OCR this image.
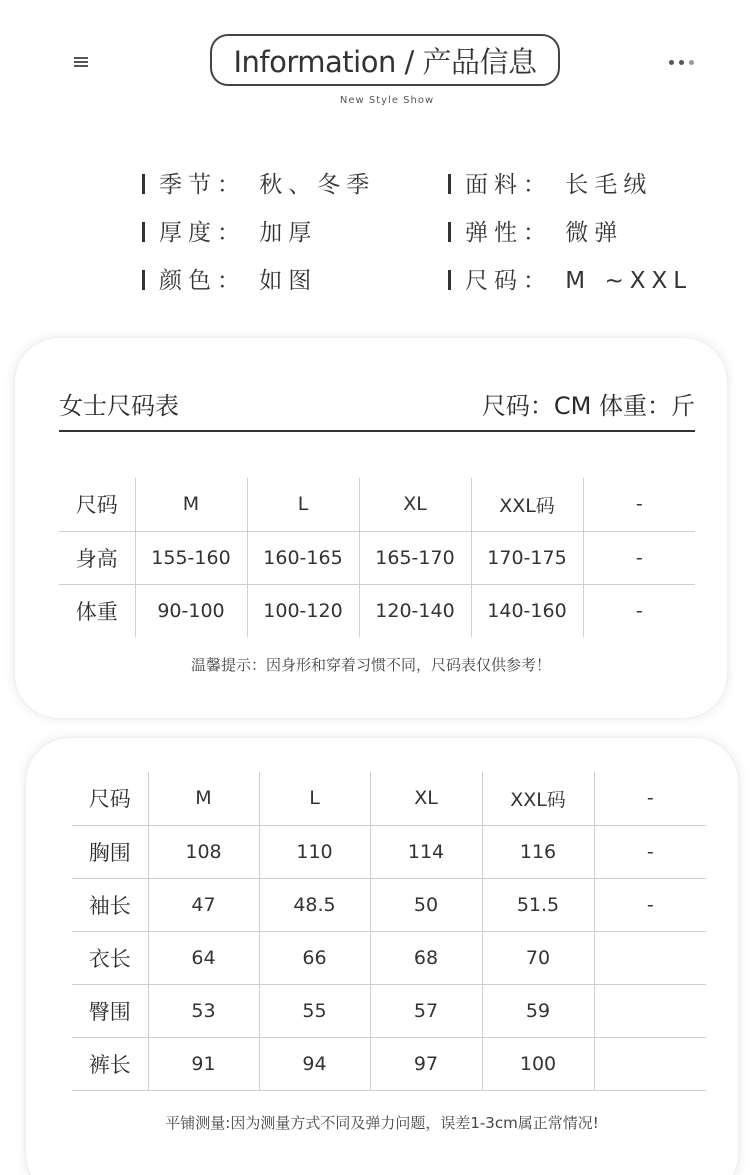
Information / 产品信息
New Style Show
季节： 秋、冬季	面料： 长毛绒
厚度： 加厚	弹性： 微弹
颜色： 如图	尺码： M ~XXL
女士尺码表	尺码：CM 体重：斤
尺码	M	L	XL	XXL码	-
身高	155-160	160-165	165-170	170-175	-
体重	90-100	100-120	120-140	140-160	-
温馨提示：因身形和穿着习惯不同，尺码表仅供参考！
尺码	M	L	XL	XXL码	-
胸围	108	110	114	116	-
袖长	47	48.5	50	51.5	-
衣长	64	66	68	70	
臀围	53	55	57	59	
裤长	91	94	97	100	
平铺测量:因为测量方式不同及弹力问题，误差1-3cm属正常情况!
